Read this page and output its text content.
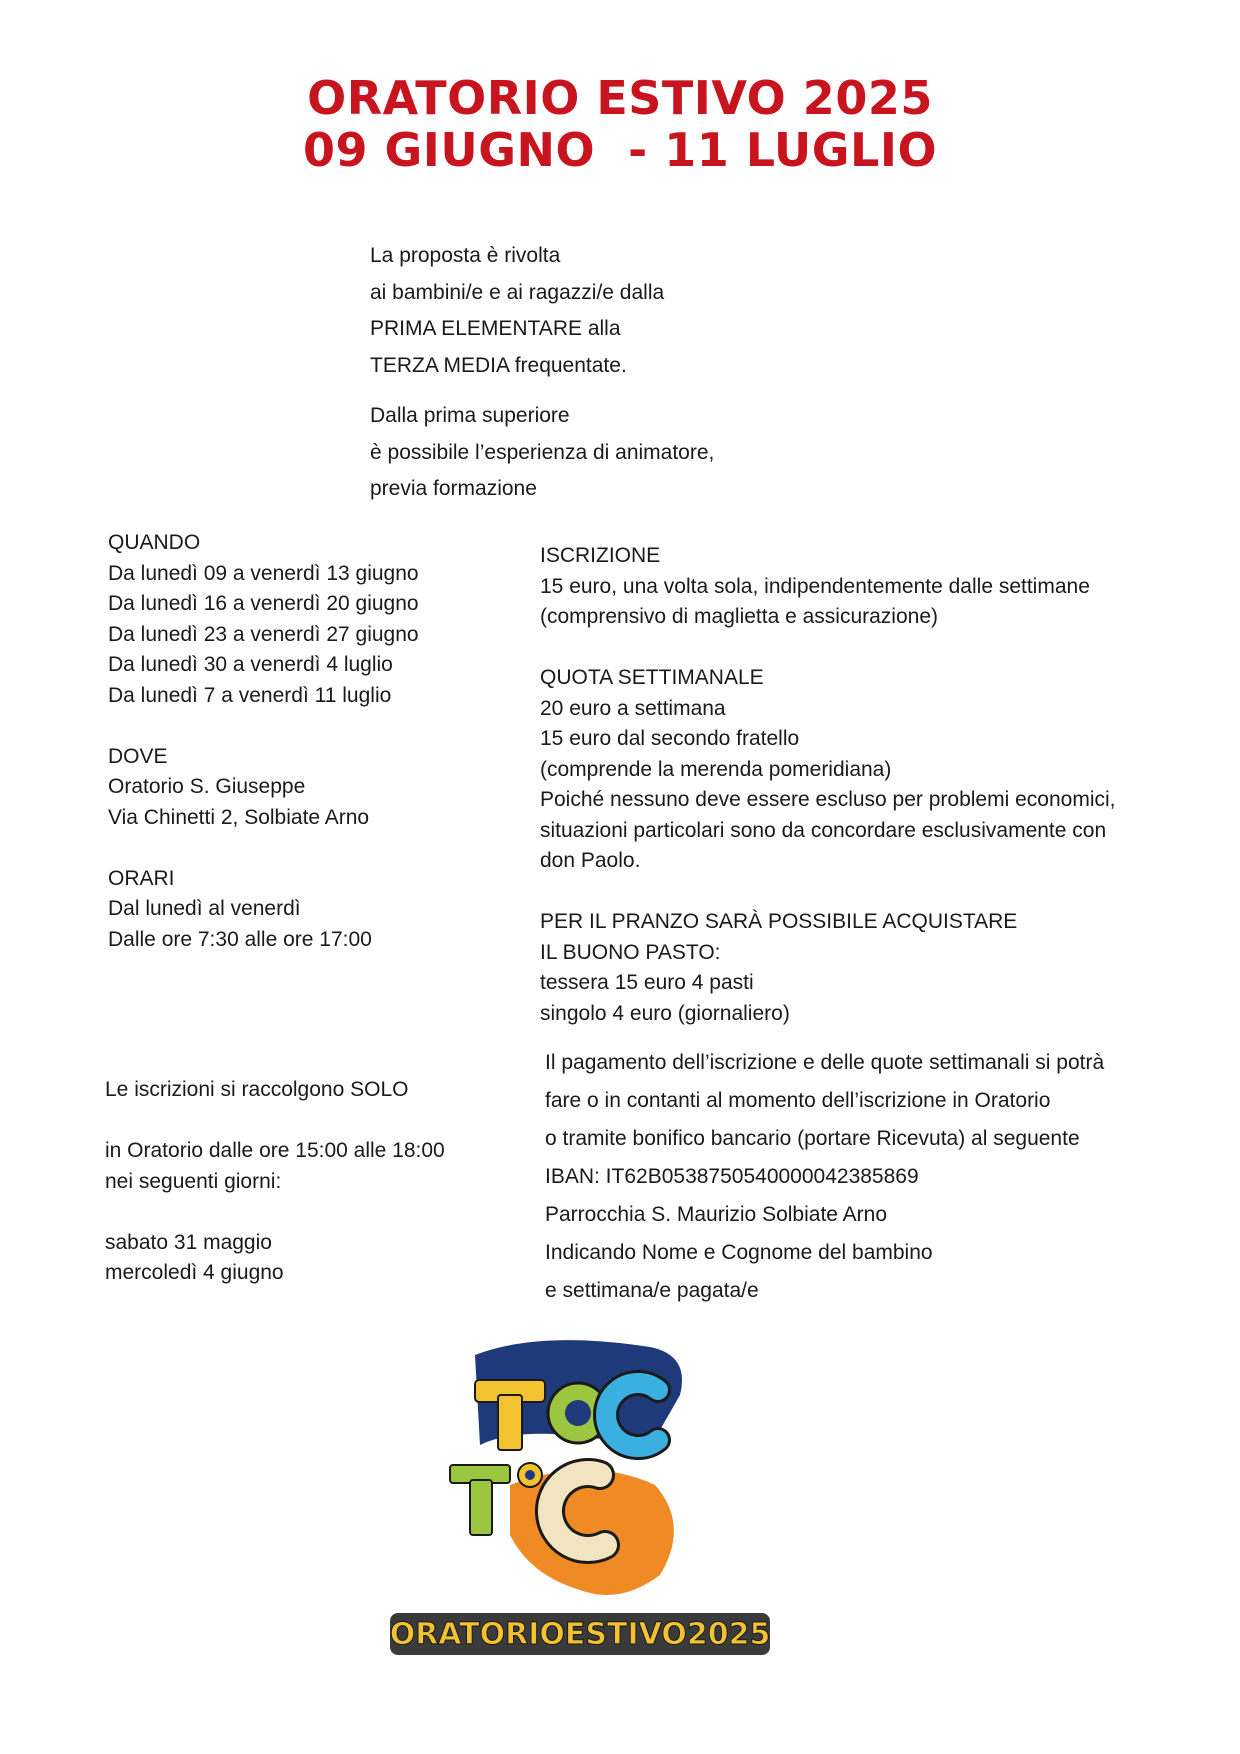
ORATORIO ESTIVO 2025
09 GIUGNO  - 11 LUGLIO
La proposta è rivolta
ai bambini/e e ai ragazzi/e dalla
PRIMA ELEMENTARE alla
TERZA MEDIA frequentate.
Dalla prima superiore
è possibile l’esperienza di animatore,
previa formazione
QUANDO
Da lunedì 09 a venerdì 13 giugno
Da lunedì 16 a venerdì 20 giugno
Da lunedì 23 a venerdì 27 giugno
Da lunedì 30 a venerdì 4 luglio
Da lunedì 7 a venerdì 11 luglio
DOVE
Oratorio S. Giuseppe
Via Chinetti 2, Solbiate Arno
ORARI
Dal lunedì al venerdì
Dalle ore 7:30 alle ore 17:00
ISCRIZIONE
15 euro, una volta sola, indipendentemente dalle settimane
(comprensivo di maglietta e assicurazione)
QUOTA SETTIMANALE
20 euro a settimana
15 euro dal secondo fratello
(comprende la merenda pomeridiana)
Poiché nessuno deve essere escluso per problemi economici,
situazioni particolari sono da concordare esclusivamente con
don Paolo.
PER IL PRANZO SARÀ POSSIBILE ACQUISTARE
IL BUONO PASTO:
tessera 15 euro 4 pasti
singolo 4 euro (giornaliero)
Le iscrizioni si raccolgono SOLO
in Oratorio dalle ore 15:00 alle 18:00
nei seguenti giorni:
sabato 31 maggio
mercoledì 4 giugno
Il pagamento dell’iscrizione e delle quote settimanali si potrà
fare o in contanti al momento dell’iscrizione in Oratorio
o tramite bonifico bancario (portare Ricevuta) al seguente
IBAN: IT62B0538750540000042385869
Parrocchia S. Maurizio Solbiate Arno
Indicando Nome e Cognome del bambino
e settimana/e pagata/e
ORATORIOESTIVO2025
